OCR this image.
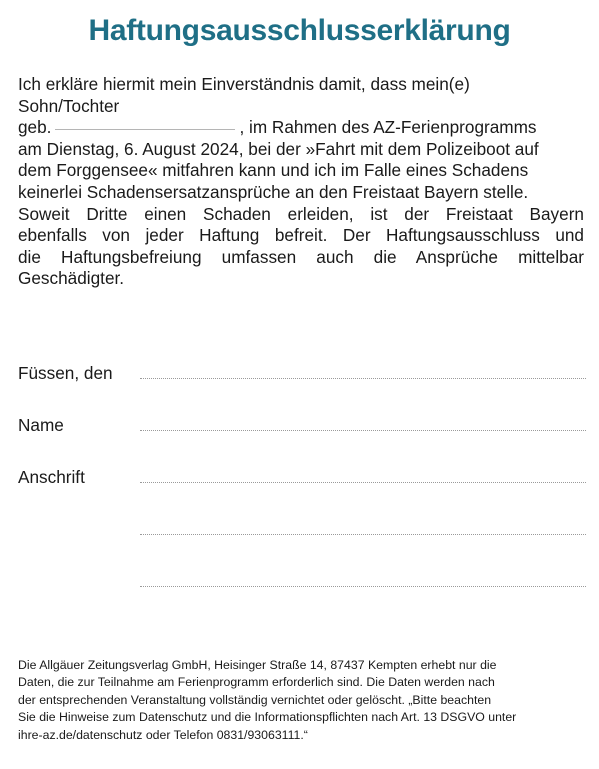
Haftungsausschlusserklärung
Ich erkläre hiermit mein Einverständnis damit, dass mein(e)
Sohn/Tochter
geb.	, im Rahmen des AZ-Ferienprogramms
am Dienstag, 6. August 2024, bei der »Fahrt mit dem Polizeiboot auf
dem Forggensee« mitfahren kann und ich im Falle eines Schadens
keinerlei Schadensersatzansprüche an den Freistaat Bayern stelle.
Soweit Dritte einen Schaden erleiden, ist der Freistaat Bayern
ebenfalls von jeder Haftung befreit. Der Haftungsausschluss und
die Haftungsbefreiung umfassen auch die Ansprüche mittelbar
Geschädigter.
Füssen, den
Name
Anschrift
Die Allgäuer Zeitungsverlag GmbH, Heisinger Straße 14, 87437 Kempten erhebt nur die
Daten, die zur Teilnahme am Ferienprogramm erforderlich sind. Die Daten werden nach
der entsprechenden Veranstaltung vollständig vernichtet oder gelöscht. „Bitte beachten
Sie die Hinweise zum Datenschutz und die Informationspflichten nach Art. 13 DSGVO unter
ihre-az.de/datenschutz oder Telefon 0831/93063111.“
